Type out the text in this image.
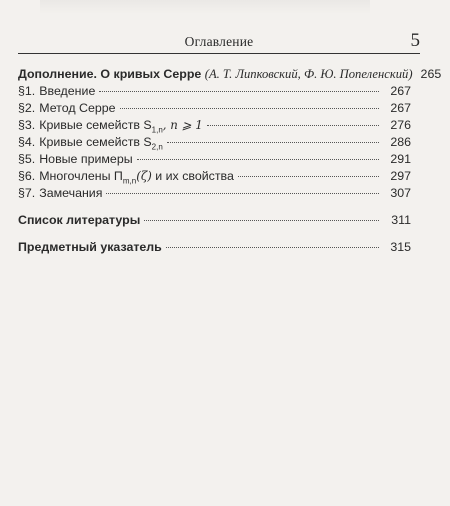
Оглавление	5
Дополнение. О кривых Серре (А. Т. Липковский, Ф. Ю. Попеленский) 265
§1. Введение	267
§2. Метод Серре	267
§3. Кривые семейств $S_{1,n}$, n ⩾ 1	276
§4. Кривые семейств $S_{2,n}$	286
§5. Новые примеры	291
§6. Многочлены $\Pi_{m,n}(\zeta)$ и их свойства	297
§7. Замечания	307
Список литературы	311
Предметный указатель	315
